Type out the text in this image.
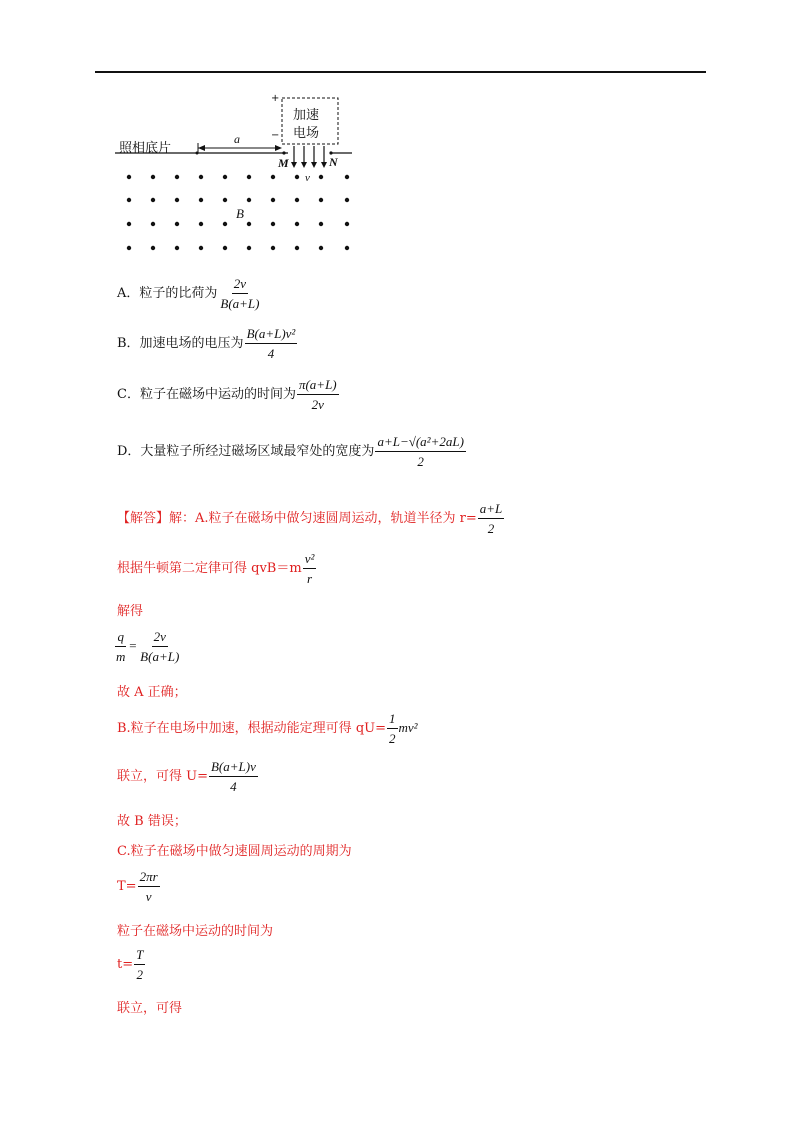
+
−
加速
电场
照相底片
a
M	N
v
B
A．粒子的比荷为 $\frac{2v}{B(a+L)}$
B．加速电场的电压为 $\frac{\text{B(a+L)v²}}{4}$
C．粒子在磁场中运动的时间为 $\frac{\pi(a+L)}{2v}$
D．大量粒子所经过磁场区域最窄处的宽度为 $\frac{\text{a+L−√(a²+2aL)}}{2}$
【解答】解：A.粒子在磁场中做匀速圆周运动，轨道半径为 $r= \frac{a+L}{2}$
根据牛顿第二定律可得 $qvB=m \frac{\text{v²}}{r}$
解得
$\frac{q}{m} = \frac{2v}{B(a+L)}$
故 A 正确；
B.粒子在电场中加速，根据动能定理可得 $qU= \frac{1}{2} mv^2$
联立，可得 $U= \frac{B(a+L)v}{4}$
故 B 错误；
C.粒子在磁场中做匀速圆周运动的周期为
$T= \frac{2\pi r}{v}$
粒子在磁场中运动的时间为
$t= \frac{T}{2}$
联立，可得
